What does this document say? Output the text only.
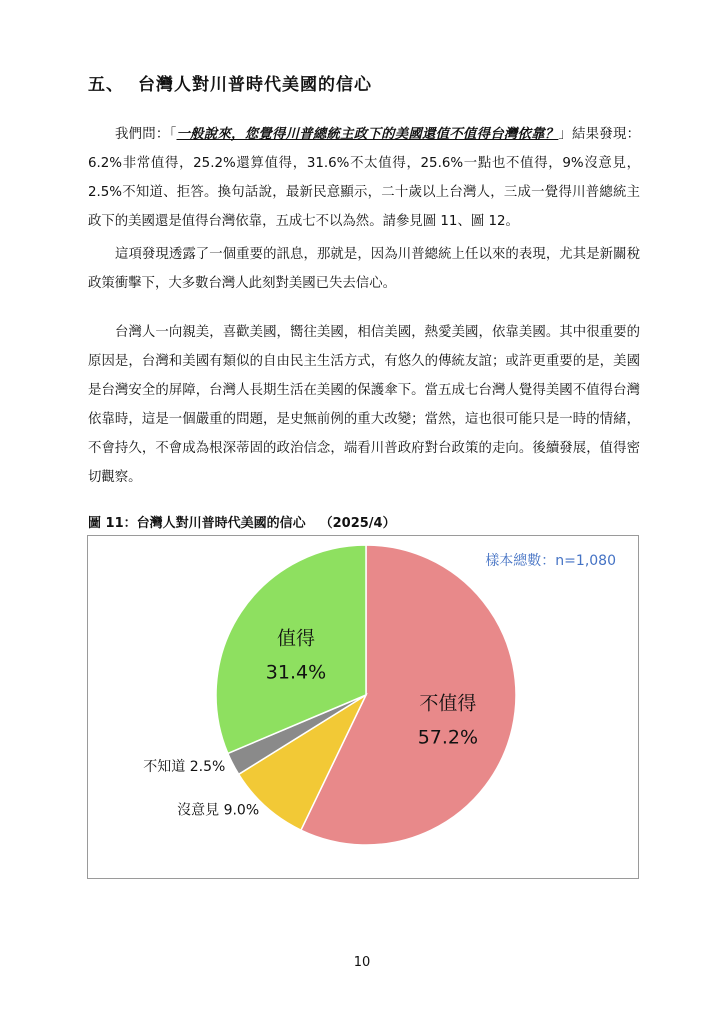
五、 台灣人對川普時代美國的信心

我們問：「一般說來，您覺得川普總統主政下的美國還值不值得台灣依靠？」結果發現：6.2%非常值得，25.2%還算值得，31.6%不太值得，25.6%一點也不值得，9%沒意見，2.5%不知道、拒答。換句話說，最新民意顯示，二十歲以上台灣人，三成一覺得川普總統主政下的美國還是值得台灣依靠，五成七不以為然。請參見圖 11、圖 12。

這項發現透露了一個重要的訊息，那就是，因為川普總統上任以來的表現，尤其是新關稅政策衝擊下，大多數台灣人此刻對美國已失去信心。

台灣人一向親美，喜歡美國，嚮往美國，相信美國，熱愛美國，依靠美國。其中很重要的原因是，台灣和美國有類似的自由民主生活方式，有悠久的傳統友誼；或許更重要的是，美國是台灣安全的屏障，台灣人長期生活在美國的保護傘下。當五成七台灣人覺得美國不值得台灣依靠時，這是一個嚴重的問題，是史無前例的重大改變；當然，這也很可能只是一時的情緒，不會持久，不會成為根深蒂固的政治信念，端看川普政府對台政策的走向。後續發展，值得密切觀察。

圖 11：台灣人對川普時代美國的信心 （2025/4）
不值得
57.2%
沒意見 9.0%
不知道 2.5%
值得
31.4%
樣本總數：n=1,080
10
